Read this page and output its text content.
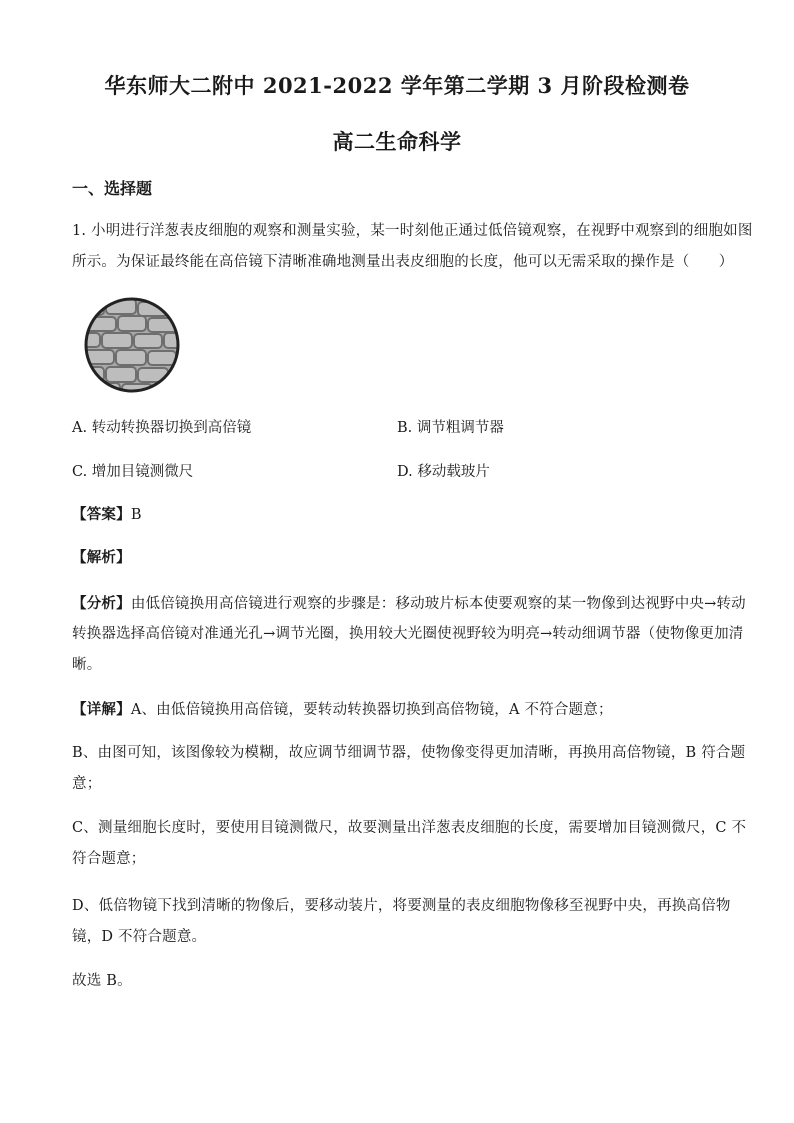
华东师大二附中 2021-2022 学年第二学期 3 月阶段检测卷
高二生命科学
一、选择题
1. 小明进行洋葱表皮细胞的观察和测量实验，某一时刻他正通过低倍镜观察，在视野中观察到的细胞如图
所示。为保证最终能在高倍镜下清晰准确地测量出表皮细胞的长度，他可以无需采取的操作是（　　）
A. 转动转换器切换到高倍镜	B. 调节粗调节器
C. 增加目镜测微尺	D. 移动载玻片
【答案】B
【解析】
【分析】由低倍镜换用高倍镜进行观察的步骤是：移动玻片标本使要观察的某一物像到达视野中央→转动
转换器选择高倍镜对准通光孔→调节光圈，换用较大光圈使视野较为明亮→转动细调节器（使物像更加清
晰。
【详解】A、由低倍镜换用高倍镜，要转动转换器切换到高倍物镜，A 不符合题意；
B、由图可知，该图像较为模糊，故应调节细调节器，使物像变得更加清晰，再换用高倍物镜，B 符合题
意；
C、测量细胞长度时，要使用目镜测微尺，故要测量出洋葱表皮细胞的长度，需要增加目镜测微尺，C 不
符合题意；
D、低倍物镜下找到清晰的物像后，要移动装片，将要测量的表皮细胞物像移至视野中央，再换高倍物
镜，D 不符合题意。
故选 B。
